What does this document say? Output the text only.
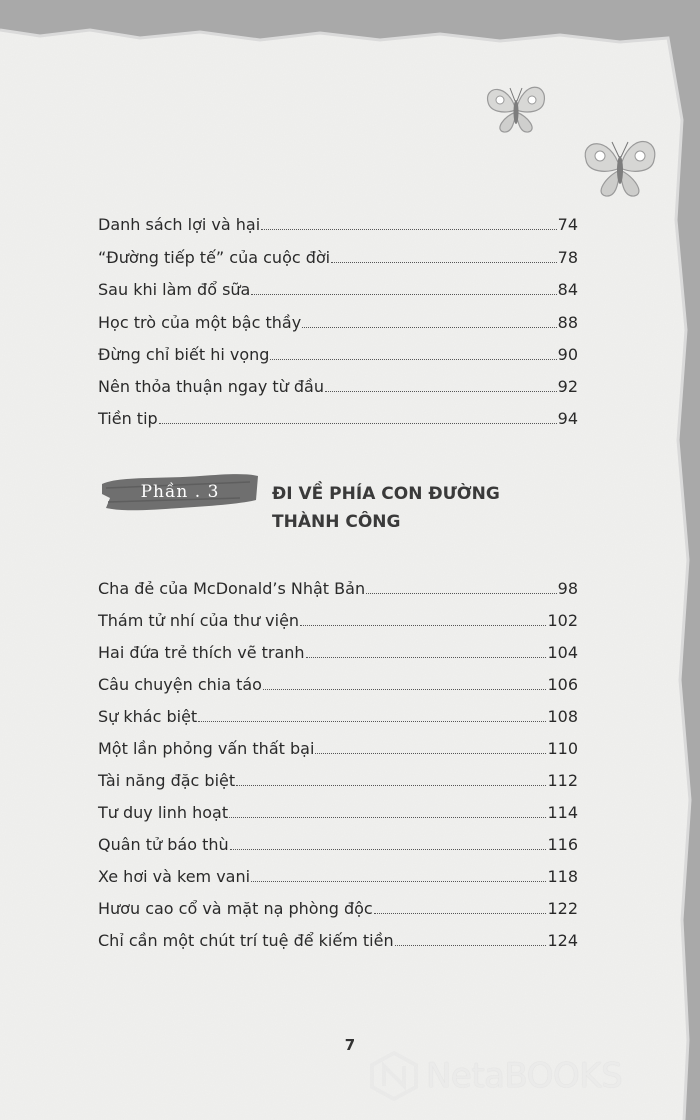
Danh sách lợi và hại	74
“Đường tiếp tế” của cuộc đời	78
Sau khi làm đổ sữa	84
Học trò của một bậc thầy	88
Đừng chỉ biết hi vọng	90
Nên thỏa thuận ngay từ đầu	92
Tiền tip	94
Phần . 3	ĐI VỀ PHÍA CON ĐƯỜNG
THÀNH CÔNG
Cha đẻ của McDonald’s Nhật Bản	98
Thám tử nhí của thư viện	102
Hai đứa trẻ thích vẽ tranh	104
Câu chuyện chia táo	106
Sự khác biệt	108
Một lần phỏng vấn thất bại	110
Tài năng đặc biệt	112
Tư duy linh hoạt	114
Quân tử báo thù	116
Xe hơi và kem vani	118
Hươu cao cổ và mặt nạ phòng độc	122
Chỉ cần một chút trí tuệ để kiếm tiền	124
7
NetaBOOKS .vn
